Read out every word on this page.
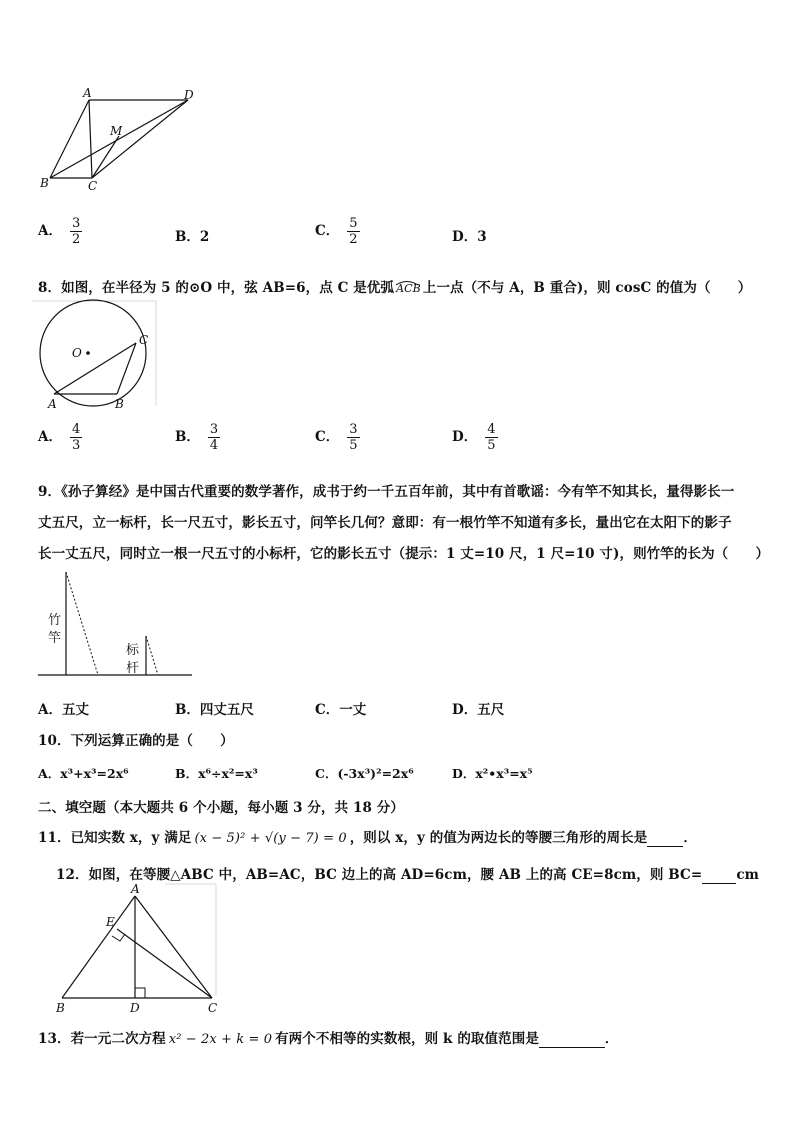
A	D
M
B	C
A． $\frac{3}{2}$	B．2	C． $\frac{5}{2}$	D．3
8．如图，在半径为 5 的⊙O 中，弦 AB=6，点 C 是优弧 ACB 上一点（不与 A，B 重合)，则 cosC 的值为（　　）
O
C
A	B
A． $\frac{4}{3}$	B． $\frac{3}{4}$	C． $\frac{3}{5}$	D． $\frac{4}{5}$
9．《孙子算经》是中国古代重要的数学著作，成书于约一千五百年前，其中有首歌谣：今有竿不知其长，量得影长一
丈五尺，立一标杆，长一尺五寸，影长五寸，问竿长几何？意即：有一根竹竿不知道有多长，量出它在太阳下的影子
长一丈五尺，同时立一根一尺五寸的小标杆，它的影长五寸（提示：1 丈=10 尺，1 尺=10 寸)，则竹竿的长为（　　）
竹
竿
标
杆
A．五丈	B．四丈五尺	C．一丈	D．五尺
10．下列运算正确的是（　　）
A．x³+x³=2x⁶	B．x⁶÷x²=x³	C．(-3x³)²=2x⁶	D．x²•x³=x⁵
二、填空题（本大题共 6 个小题，每小题 3 分，共 18 分）
11．已知实数 x，y 满足 (x − 5)² + √(y − 7) = 0 ，则以 x，y 的值为两边长的等腰三角形的周长是	．
12．如图，在等腰△ABC 中，AB=AC，BC 边上的高 AD=6cm，腰 AB 上的高 CE=8cm，则 BC=	cm
A
E
B	D	C
13．若一元二次方程 x² − 2x + k = 0 有两个不相等的实数根，则 k 的取值范围是	．
